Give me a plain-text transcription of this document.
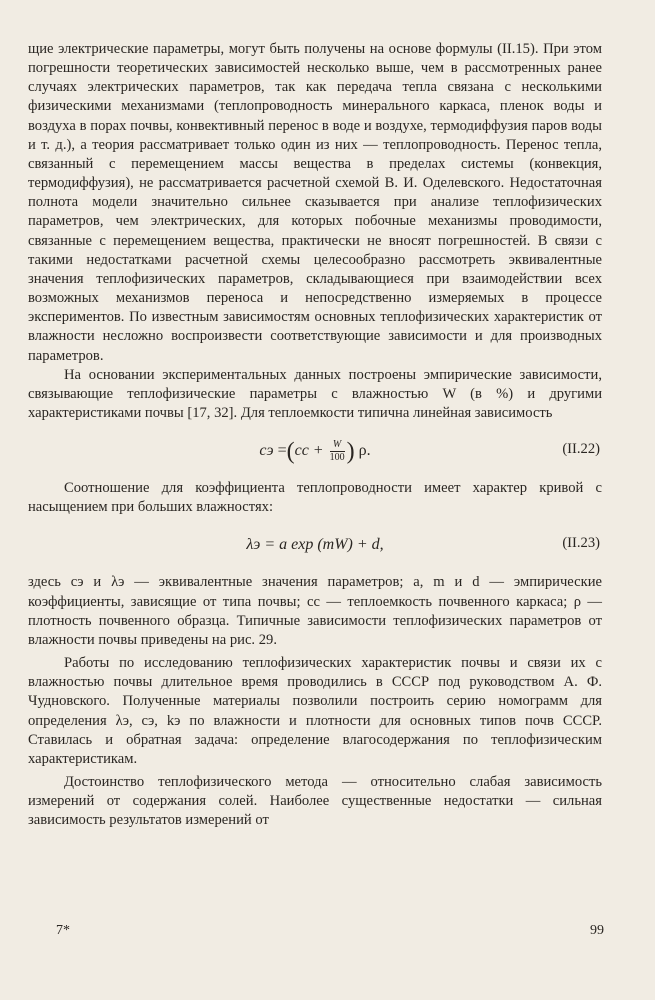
щие электрические параметры, могут быть получены на основе формулы (II.15). При этом погрешности теоретических зависимостей несколько выше, чем в рассмотренных ранее случаях электрических параметров, так как передача тепла связана с несколькими физическими механизмами (теплопроводность минерального каркаса, пленок воды и воздуха в порах почвы, конвективный перенос в воде и воздухе, термодиффузия паров воды и т. д.), а теория рассматривает только один из них — теплопроводность. Перенос тепла, связанный с перемещением массы вещества в пределах системы (конвекция, термодиффузия), не рассматривается расчетной схемой В. И. Оделевского. Недостаточная полнота модели значительно сильнее сказывается при анализе теплофизических параметров, чем электрических, для которых побочные механизмы проводимости, связанные с перемещением вещества, практически не вносят погрешностей. В связи с такими недостатками расчетной схемы целесообразно рассмотреть эквивалентные значения теплофизических параметров, складывающиеся при взаимодействии всех возможных механизмов переноса и непосредственно измеряемых в процессе экспериментов. По известным зависимостям основных теплофизических характеристик от влажности несложно воспроизвести соответствующие зависимости и для производных параметров.

На основании экспериментальных данных построены эмпирические зависимости, связывающие теплофизические параметры с влажностью W (в %) и другими характеристиками почвы [17, 32]. Для теплоемкости типична линейная зависимость

cэ $=(cc + \frac{W}{100}$ ) ρ.	(II.22)

Соотношение для коэффициента теплопроводности имеет характер кривой с насыщением при больших влажностях:

λэ = a exp (mW) + d,	(II.23)

здесь cэ и λэ — эквивалентные значения параметров; a, m и d — эмпирические коэффициенты, зависящие от типа почвы; cc — теплоемкость почвенного каркаса; ρ — плотность почвенного образца. Типичные зависимости теплофизических параметров от влажности почвы приведены на рис. 29.

Работы по исследованию теплофизических характеристик почвы и связи их с влажностью почвы длительное время проводились в СССР под руководством А. Ф. Чудновского. Полученные материалы позволили построить серию номограмм для определения λэ, cэ, kэ по влажности и плотности для основных типов почв СССР. Ставилась и обратная задача: определение влагосодержания по теплофизическим характеристикам.

Достоинство теплофизического метода — относительно слабая зависимость измерений от содержания солей. Наиболее существенные недостатки — сильная зависимость результатов измерений от

7*	99
